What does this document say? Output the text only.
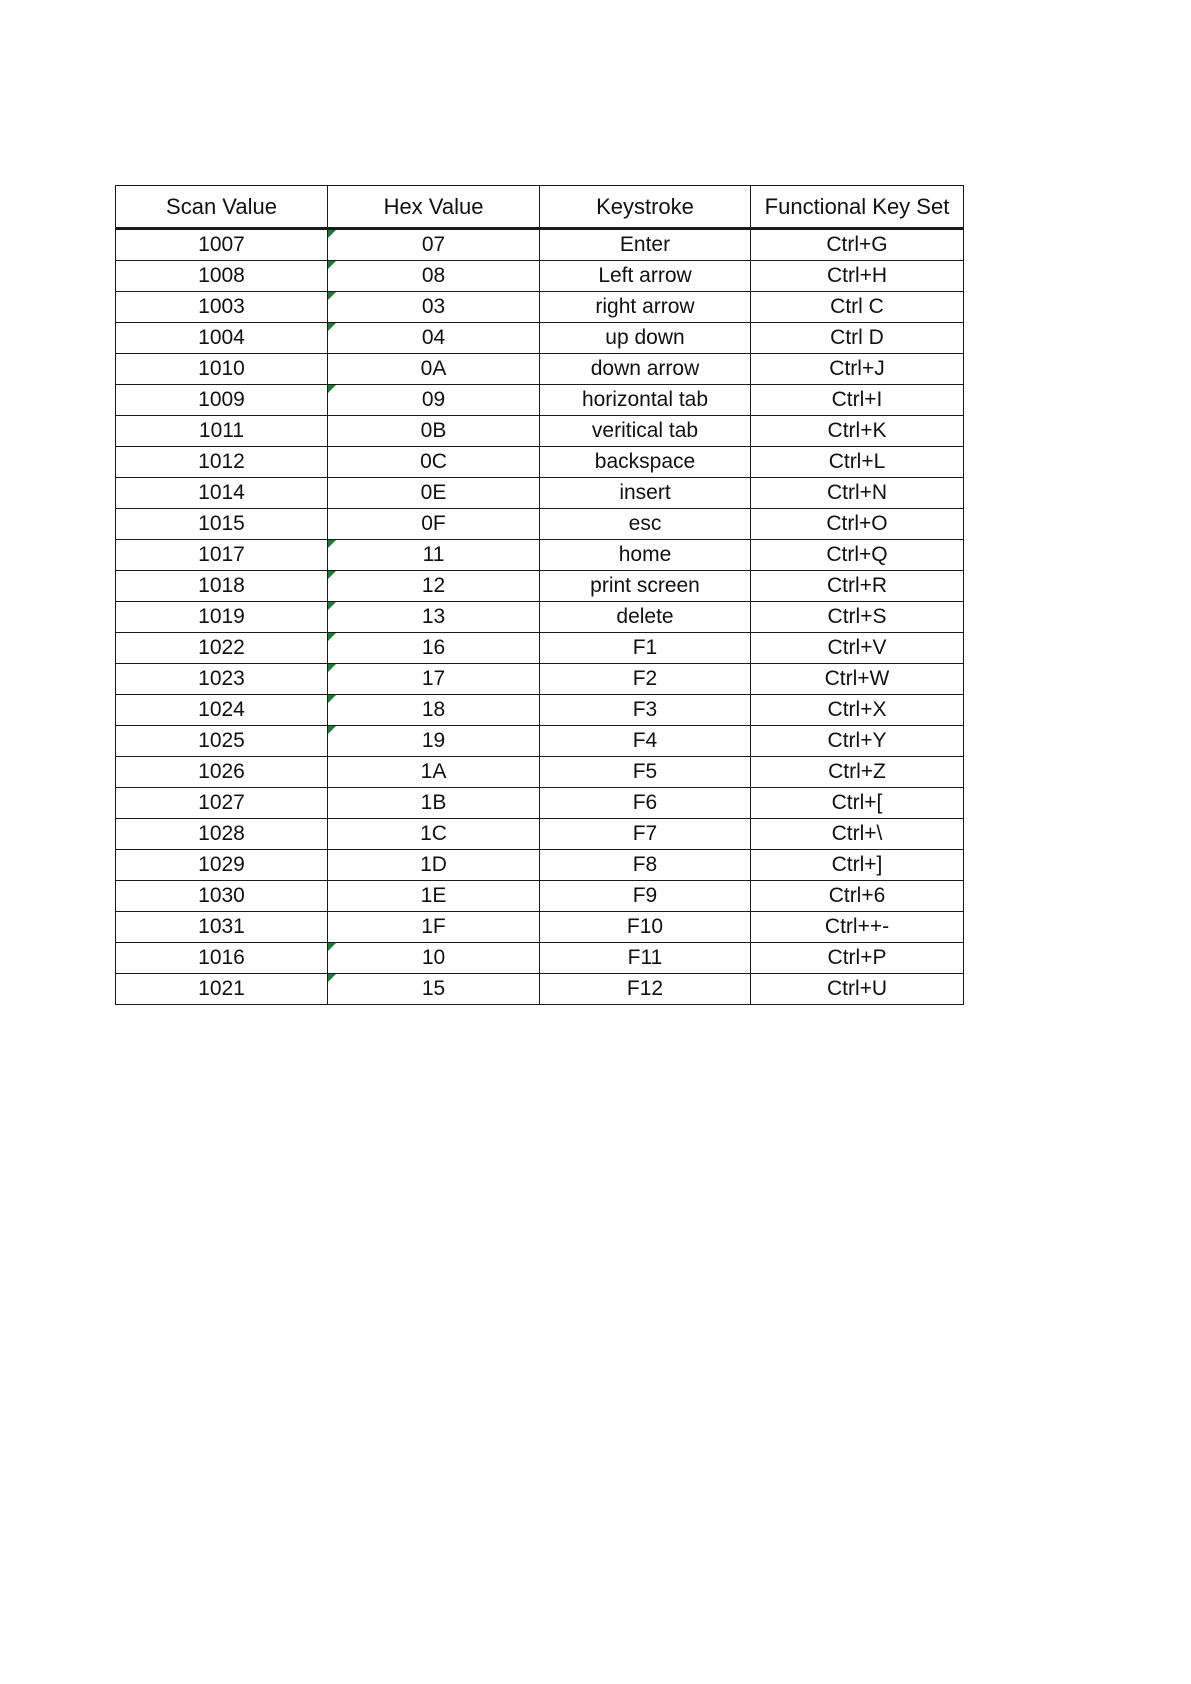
Scan Value	Hex Value	Keystroke	Functional Key Set
1007	07	Enter	Ctrl+G
1008	08	Left arrow	Ctrl+H
1003	03	right arrow	Ctrl C
1004	04	up down	Ctrl D
1010	0A	down arrow	Ctrl+J
1009	09	horizontal tab	Ctrl+I
1011	0B	veritical tab	Ctrl+K
1012	0C	backspace	Ctrl+L
1014	0E	insert	Ctrl+N
1015	0F	esc	Ctrl+O
1017	11	home	Ctrl+Q
1018	12	print screen	Ctrl+R
1019	13	delete	Ctrl+S
1022	16	F1	Ctrl+V
1023	17	F2	Ctrl+W
1024	18	F3	Ctrl+X
1025	19	F4	Ctrl+Y
1026	1A	F5	Ctrl+Z
1027	1B	F6	Ctrl+[
1028	1C	F7	Ctrl+\
1029	1D	F8	Ctrl+]
1030	1E	F9	Ctrl+6
1031	1F	F10	Ctrl++-
1016	10	F11	Ctrl+P
1021	15	F12	Ctrl+U
